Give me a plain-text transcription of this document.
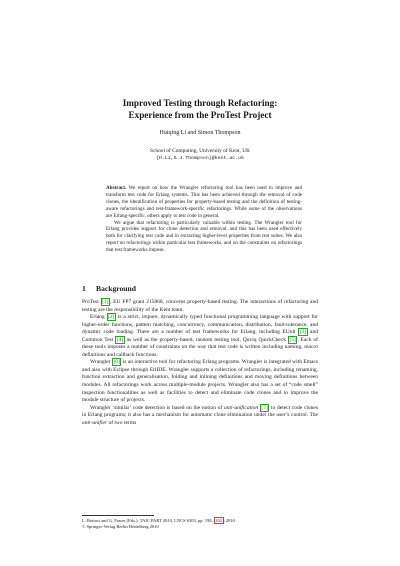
Improved Testing through Refactoring:
Experience from the ProTest Project
Huiqing Li and Simon Thompson
School of Computing, University of Kent, UK
{H.Li,S.J.Thompson}@kent.ac.uk

Abstract. We report on how the Wrangler refactoring tool has been used to improve and transform test code for Erlang systems. This has been achieved through the removal of code clones, the identification of properties for property-based testing and the definition of testing-aware refactorings and test-framework-specific refactorings. While some of the observations are Erlang-specific, others apply to test code in general.

We argue that refactoring is particularly valuable within testing. The Wrangler tool for Erlang provides support for clone detection and removal, and this has been used effectively both for clarifying test code and in extracting higher-level properties from test suites. We also report on refactorings within particular test frameworks, and on the constraints on refactorings that test frameworks impose.

1 Background

ProTest [1] , EU FP7 grant 215868, concerns property-based testing. The interactions of refactoring and testing are the responsibility of the Kent team.

Erlang [2] is a strict, impure, dynamically typed functional programming language with support for higher-order functions, pattern matching, concurrency, communication, distribution, fault-tolerance, and dynamic code loading. There are a number of test frameworks for Erlang, including EUnit [3] and Common Test [4] as well as the property-based, random testing tool, Quviq QuickCheck [5] . Each of these tools imposes a number of constraints on the way that test code is written including naming, macro definitions and callback functions.

Wrangler [6] is an interactive tool for refactoring Erlang programs. Wrangler is integrated with Emacs and also with Eclipse through ErlIDE. Wrangler supports a collection of refactorings, including renaming, function extraction and generalisation, folding and inlining definitions and moving definitions between modules. All refactorings work across multiple-module projects. Wrangler also has a set of “code smell” inspection functionalities as well as facilities to detect and eliminate code clones and to improve the module structure of projects.

Wrangler ‘similar’ code detection is based on the notion of anti-unification [7] to detect code clones in Erlang programs; it also has a mechanism for automatic clone elimination under the user’s control. The anti-unifier of two terms

L. Bottaci and G. Fraser (Eds.): TAIC PART 2010, LNCS 6303, pp. 198– 202 , 2010.
© Springer-Verlag Berlin Heidelberg 2010
